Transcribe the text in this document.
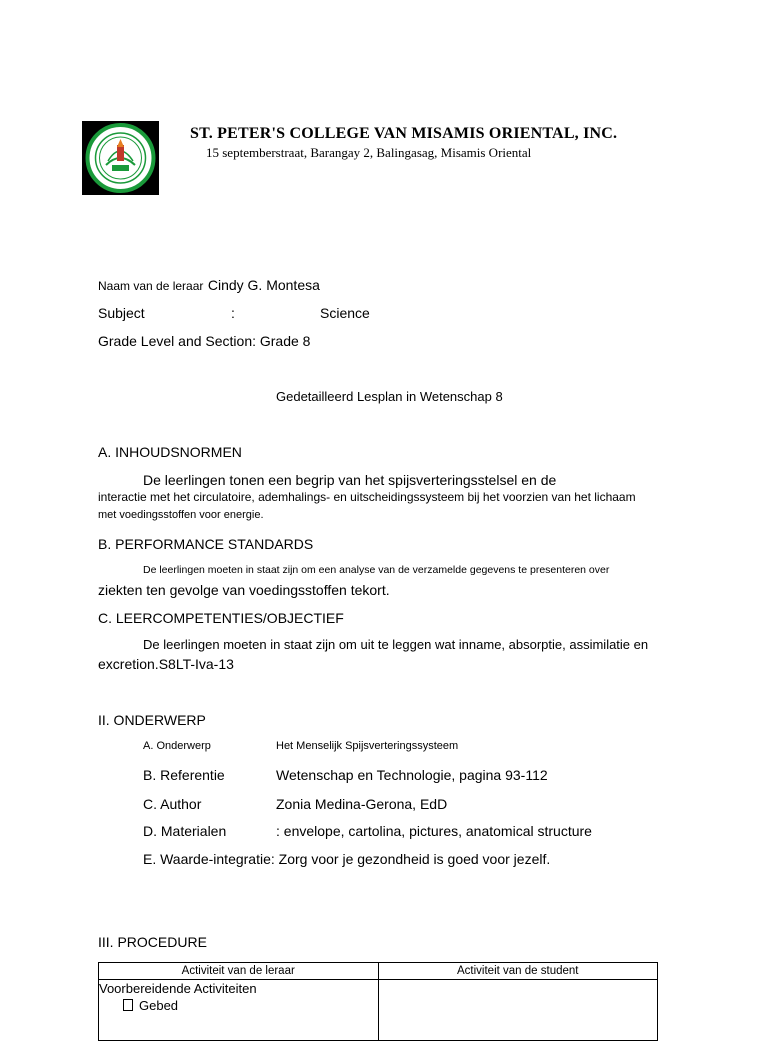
ST. PETER'S COLLEGE VAN MISAMIS ORIENTAL, INC.
15 septemberstraat, Barangay 2, Balingasag, Misamis Oriental
Naam van de leraar Cindy G. Montesa
Subject	:	Science
Grade Level and Section: Grade 8
Gedetailleerd Lesplan in Wetenschap 8
A. INHOUDSNORMEN
De leerlingen tonen een begrip van het spijsverteringsstelsel en de
interactie met het circulatoire, ademhalings- en uitscheidingssysteem bij het voorzien van het lichaam
met voedingsstoffen voor energie.
B. PERFORMANCE STANDARDS
De leerlingen moeten in staat zijn om een analyse van de verzamelde gegevens te presenteren over
ziekten ten gevolge van voedingsstoffen tekort.
C. LEERCOMPETENTIES/OBJECTIEF
De leerlingen moeten in staat zijn om uit te leggen wat inname, absorptie, assimilatie en
excretion.S8LT-Iva-13
II. ONDERWERP
A. Onderwerp	Het Menselijk Spijsverteringssysteem
B. Referentie	Wetenschap en Technologie, pagina 93-112
C. Author	Zonia Medina-Gerona, EdD
D. Materialen	: envelope, cartolina, pictures, anatomical structure
E. Waarde-integratie: Zorg voor je gezondheid is goed voor jezelf.
III. PROCEDURE
Activiteit van de leraar	Activiteit van de student

Voorbereidende Activiteiten
Gebed	
